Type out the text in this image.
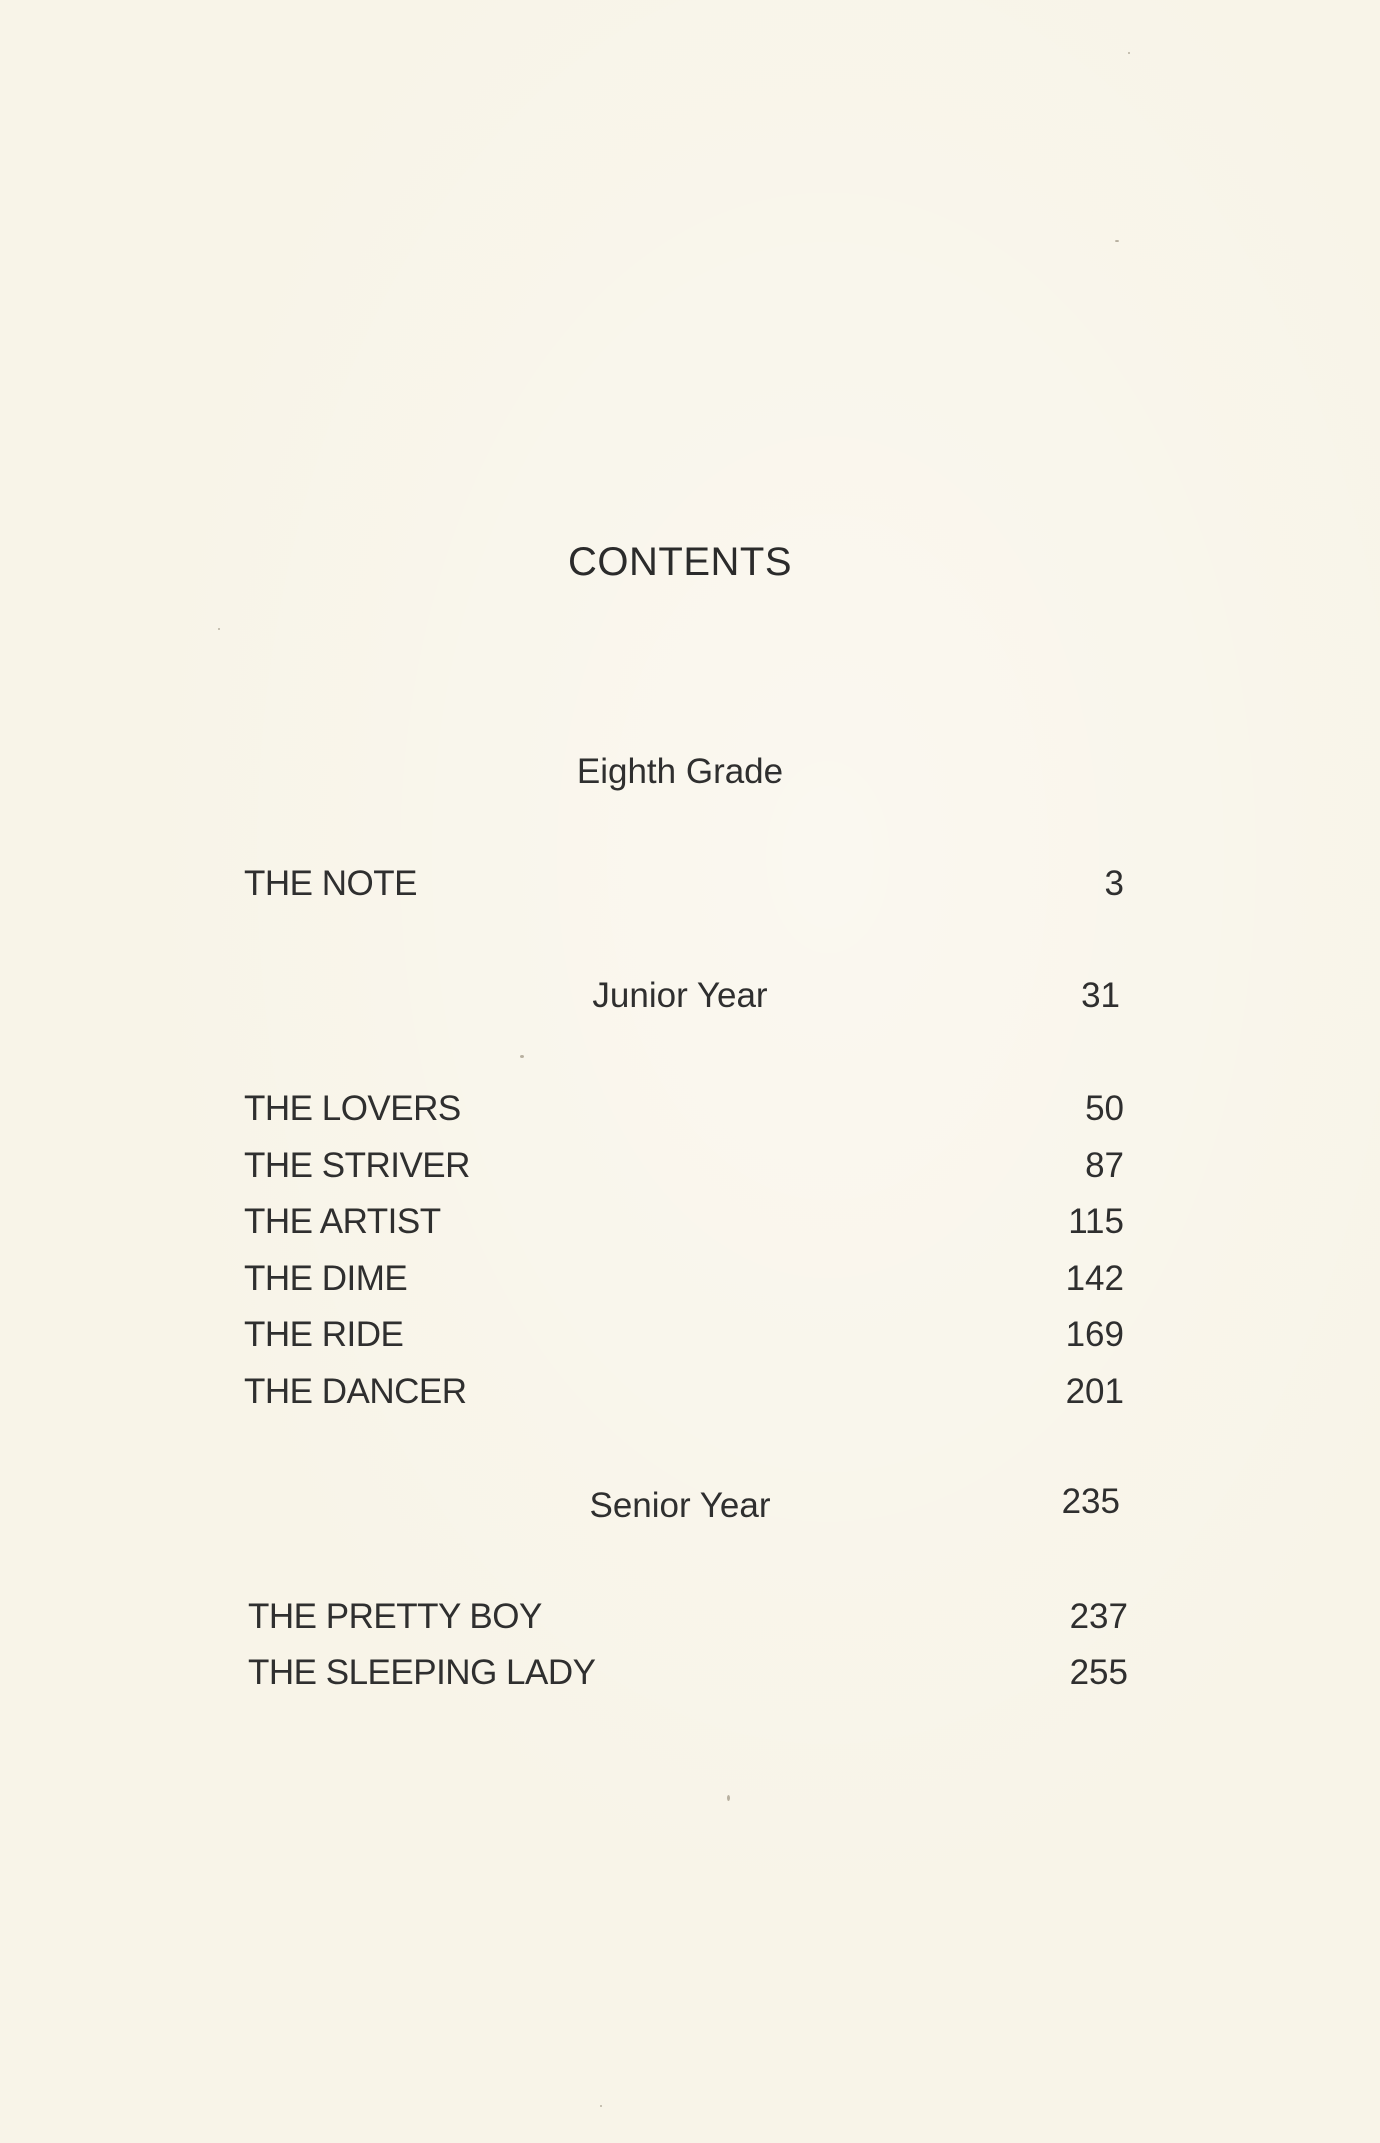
CONTENTS
Eighth Grade
THE NOTE	3
Junior Year	31
THE LOVERS	50
THE STRIVER	87
THE ARTIST	115
THE DIME	142
THE RIDE	169
THE DANCER	201
Senior Year	235
THE PRETTY BOY	237
THE SLEEPING LADY	255
